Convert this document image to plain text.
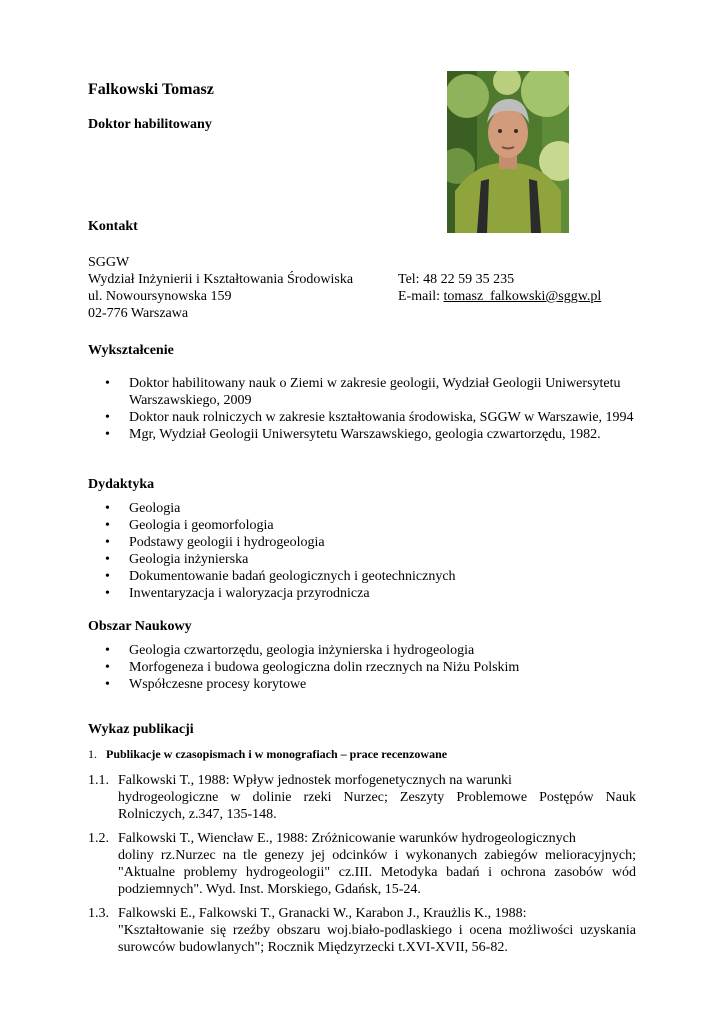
Falkowski Tomasz
Doktor habilitowany
Kontakt
SGGW
Wydział Inżynierii i Kształtowania Środowiska
ul. Nowoursynowska 159
02-776 Warszawa
Tel: 48 22 59 35 235
E-mail: tomasz_falkowski@sggw.pl
Wykształcenie
• Doktor habilitowany nauk o Ziemi w zakresie geologii, Wydział Geologii Uniwersytetu Warszawskiego, 2009
• Doktor nauk rolniczych w zakresie kształtowania środowiska, SGGW w Warszawie, 1994
• Mgr, Wydział Geologii Uniwersytetu Warszawskiego, geologia czwartorzędu, 1982.
Dydaktyka
• Geologia
• Geologia i geomorfologia
• Podstawy geologii i hydrogeologia
• Geologia inżynierska
• Dokumentowanie badań geologicznych i geotechnicznych
• Inwentaryzacja i waloryzacja przyrodnicza
Obszar Naukowy
• Geologia czwartorzędu, geologia inżynierska i hydrogeologia
• Morfogeneza i budowa geologiczna dolin rzecznych na Niżu Polskim
• Współczesne procesy korytowe
Wykaz publikacji
1. Publikacje w czasopismach i w monografiach – prace recenzowane
1.1. Falkowski T., 1988: Wpływ jednostek morfogenetycznych na warunki
hydrogeologiczne w dolinie rzeki Nurzec; Zeszyty Problemowe Postępów Nauk Rolniczych, z.347, 135-148.
1.2. Falkowski T., Wiencław E., 1988: Zróżnicowanie warunków hydrogeologicznych
doliny rz.Nurzec na tle genezy jej odcinków i wykonanych zabiegów melioracyjnych; "Aktualne problemy hydrogeologii" cz.III. Metodyka badań i ochrona zasobów wód podziemnych". Wyd. Inst. Morskiego, Gdańsk, 15-24.
1.3. Falkowski E., Falkowski T., Granacki W., Karabon J., Kraużlis K., 1988:
"Kształtowanie się rzeźby obszaru woj.biało-podlaskiego i ocena możliwości uzyskania surowców budowlanych"; Rocznik Międzyrzecki t.XVI-XVII, 56-82.
